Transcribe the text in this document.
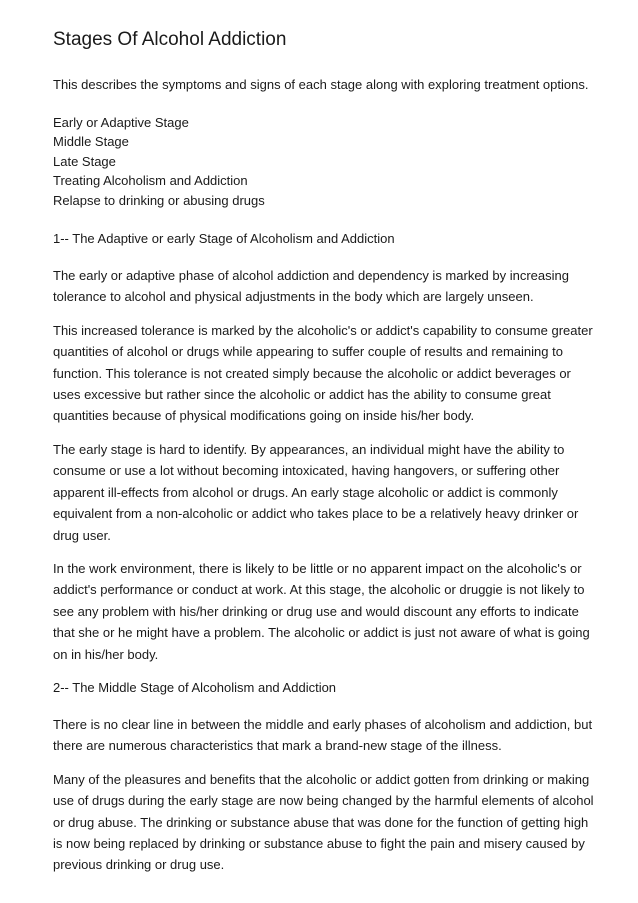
Stages Of Alcohol Addiction

This describes the symptoms and signs of each stage along with exploring treatment options.

Early or Adaptive Stage
Middle Stage
Late Stage
Treating Alcoholism and Addiction
Relapse to drinking or abusing drugs
1-- The Adaptive or early Stage of Alcoholism and Addiction

The early or adaptive phase of alcohol addiction and dependency is marked by increasing tolerance to alcohol and physical adjustments in the body which are largely unseen.

This increased tolerance is marked by the alcoholic's or addict's capability to consume greater quantities of alcohol or drugs while appearing to suffer couple of results and remaining to function. This tolerance is not created simply because the alcoholic or addict beverages or uses excessive but rather since the alcoholic or addict has the ability to consume great quantities because of physical modifications going on inside his/her body.

The early stage is hard to identify. By appearances, an individual might have the ability to consume or use a lot without becoming intoxicated, having hangovers, or suffering other apparent ill-effects from alcohol or drugs. An early stage alcoholic or addict is commonly equivalent from a non-alcoholic or addict who takes place to be a relatively heavy drinker or drug user.

In the work environment, there is likely to be little or no apparent impact on the alcoholic's or addict's performance or conduct at work. At this stage, the alcoholic or druggie is not likely to see any problem with his/her drinking or drug use and would discount any efforts to indicate that she or he might have a problem. The alcoholic or addict is just not aware of what is going on in his/her body.

2-- The Middle Stage of Alcoholism and Addiction

There is no clear line in between the middle and early phases of alcoholism and addiction, but there are numerous characteristics that mark a brand-new stage of the illness.

Many of the pleasures and benefits that the alcoholic or addict gotten from drinking or making use of drugs during the early stage are now being changed by the harmful elements of alcohol or drug abuse. The drinking or substance abuse that was done for the function of getting high is now being replaced by drinking or substance abuse to fight the pain and misery caused by previous drinking or drug use.
